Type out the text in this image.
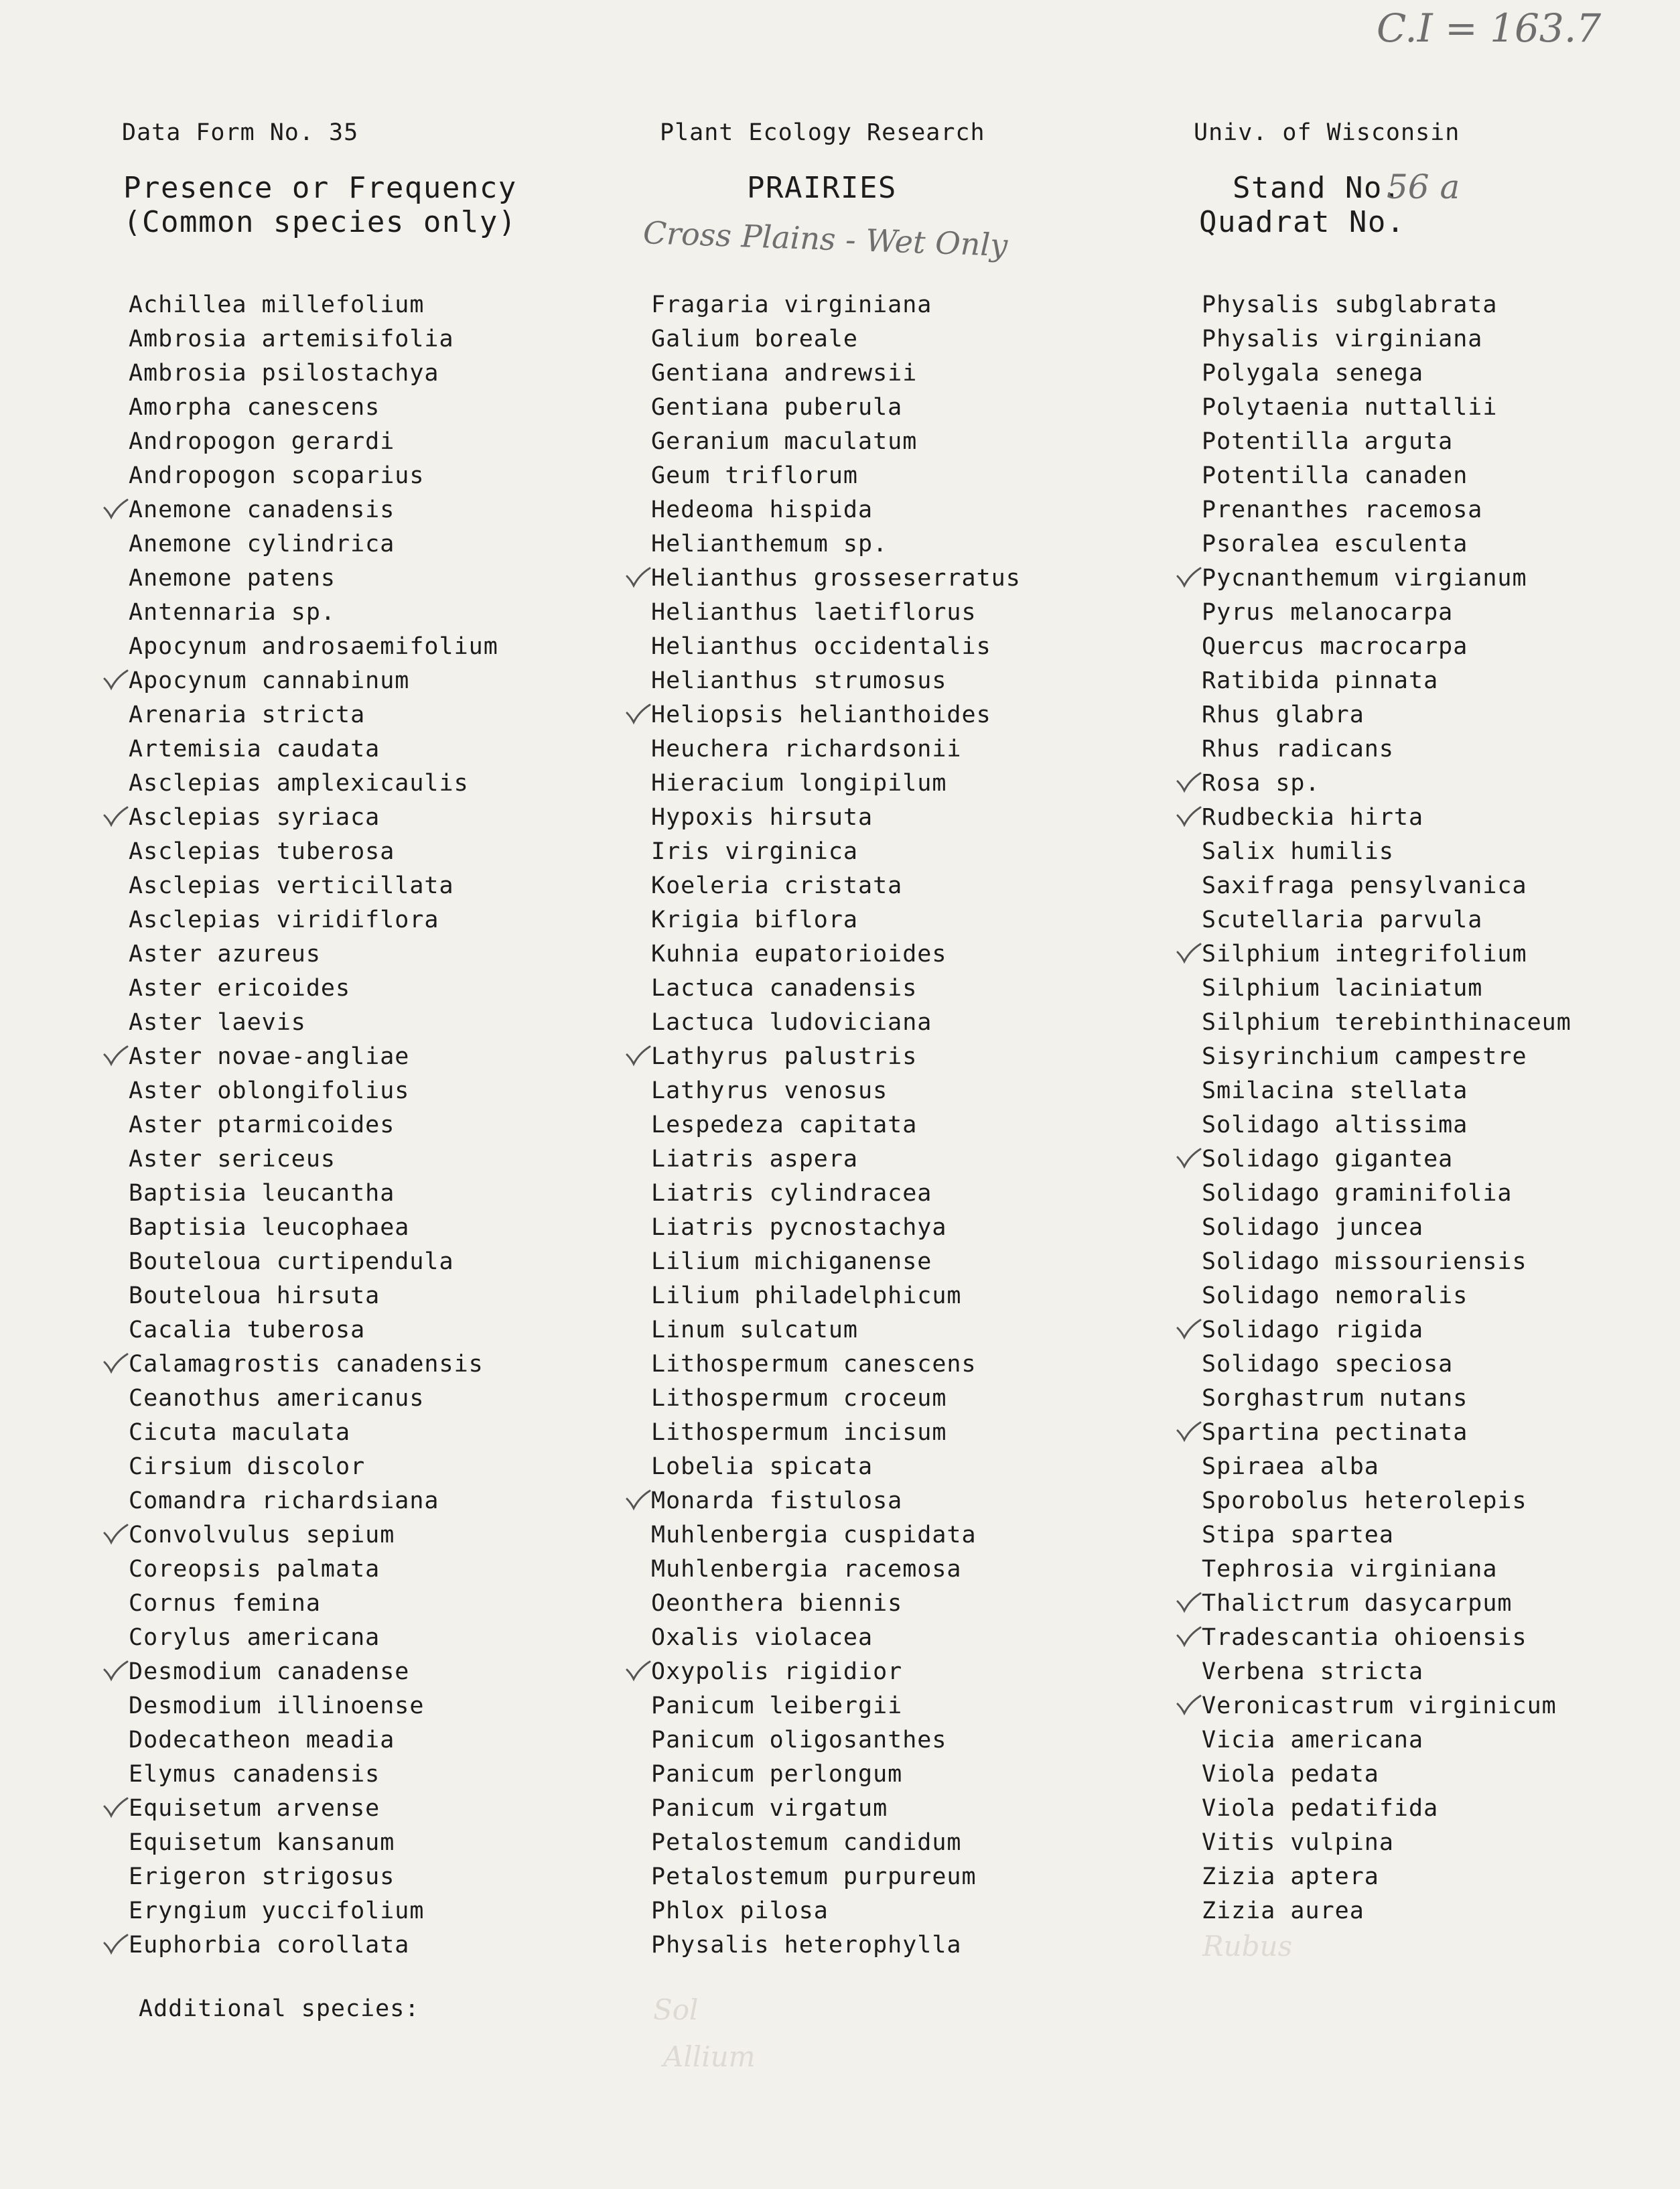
C.I = 163.7
Data Form No. 35	Plant Ecology Research	Univ. of Wisconsin
Presence or Frequency
(Common species only)
PRAIRIES
Cross Plains - Wet Only
Stand No.
56 a
Quadrat No.
Achillea millefolium
Ambrosia artemisifolia
Ambrosia psilostachya
Amorpha canescens
Andropogon gerardi
Andropogon scoparius
Anemone canadensis
Anemone cylindrica
Anemone patens
Antennaria sp.
Apocynum androsaemifolium
Apocynum cannabinum
Arenaria stricta
Artemisia caudata
Asclepias amplexicaulis
Asclepias syriaca
Asclepias tuberosa
Asclepias verticillata
Asclepias viridiflora
Aster azureus
Aster ericoides
Aster laevis
Aster novae-angliae
Aster oblongifolius
Aster ptarmicoides
Aster sericeus
Baptisia leucantha
Baptisia leucophaea
Bouteloua curtipendula
Bouteloua hirsuta
Cacalia tuberosa
Calamagrostis canadensis
Ceanothus americanus
Cicuta maculata
Cirsium discolor
Comandra richardsiana
Convolvulus sepium
Coreopsis palmata
Cornus femina
Corylus americana
Desmodium canadense
Desmodium illinoense
Dodecatheon meadia
Elymus canadensis
Equisetum arvense
Equisetum kansanum
Erigeron strigosus
Eryngium yuccifolium
Euphorbia corollata
Fragaria virginiana
Galium boreale
Gentiana andrewsii
Gentiana puberula
Geranium maculatum
Geum triflorum
Hedeoma hispida
Helianthemum sp.
Helianthus grosseserratus
Helianthus laetiflorus
Helianthus occidentalis
Helianthus strumosus
Heliopsis helianthoides
Heuchera richardsonii
Hieracium longipilum
Hypoxis hirsuta
Iris virginica
Koeleria cristata
Krigia biflora
Kuhnia eupatorioides
Lactuca canadensis
Lactuca ludoviciana
Lathyrus palustris
Lathyrus venosus
Lespedeza capitata
Liatris aspera
Liatris cylindracea
Liatris pycnostachya
Lilium michiganense
Lilium philadelphicum
Linum sulcatum
Lithospermum canescens
Lithospermum croceum
Lithospermum incisum
Lobelia spicata
Monarda fistulosa
Muhlenbergia cuspidata
Muhlenbergia racemosa
Oeonthera biennis
Oxalis violacea
Oxypolis rigidior
Panicum leibergii
Panicum oligosanthes
Panicum perlongum
Panicum virgatum
Petalostemum candidum
Petalostemum purpureum
Phlox pilosa
Physalis heterophylla
Physalis subglabrata
Physalis virginiana
Polygala senega
Polytaenia nuttallii
Potentilla arguta
Potentilla canaden
Prenanthes racemosa
Psoralea esculenta
Pycnanthemum virgianum
Pyrus melanocarpa
Quercus macrocarpa
Ratibida pinnata
Rhus glabra
Rhus radicans
Rosa sp.
Rudbeckia hirta
Salix humilis
Saxifraga pensylvanica
Scutellaria parvula
Silphium integrifolium
Silphium laciniatum
Silphium terebinthinaceum
Sisyrinchium campestre
Smilacina stellata
Solidago altissima
Solidago gigantea
Solidago graminifolia
Solidago juncea
Solidago missouriensis
Solidago nemoralis
Solidago rigida
Solidago speciosa
Sorghastrum nutans
Spartina pectinata
Spiraea alba
Sporobolus heterolepis
Stipa spartea
Tephrosia virginiana
Thalictrum dasycarpum
Tradescantia ohioensis
Verbena stricta
Veronicastrum virginicum
Vicia americana
Viola pedata
Viola pedatifida
Vitis vulpina
Zizia aptera
Zizia aurea
Additional species:
Rubus
Sol
Allium
